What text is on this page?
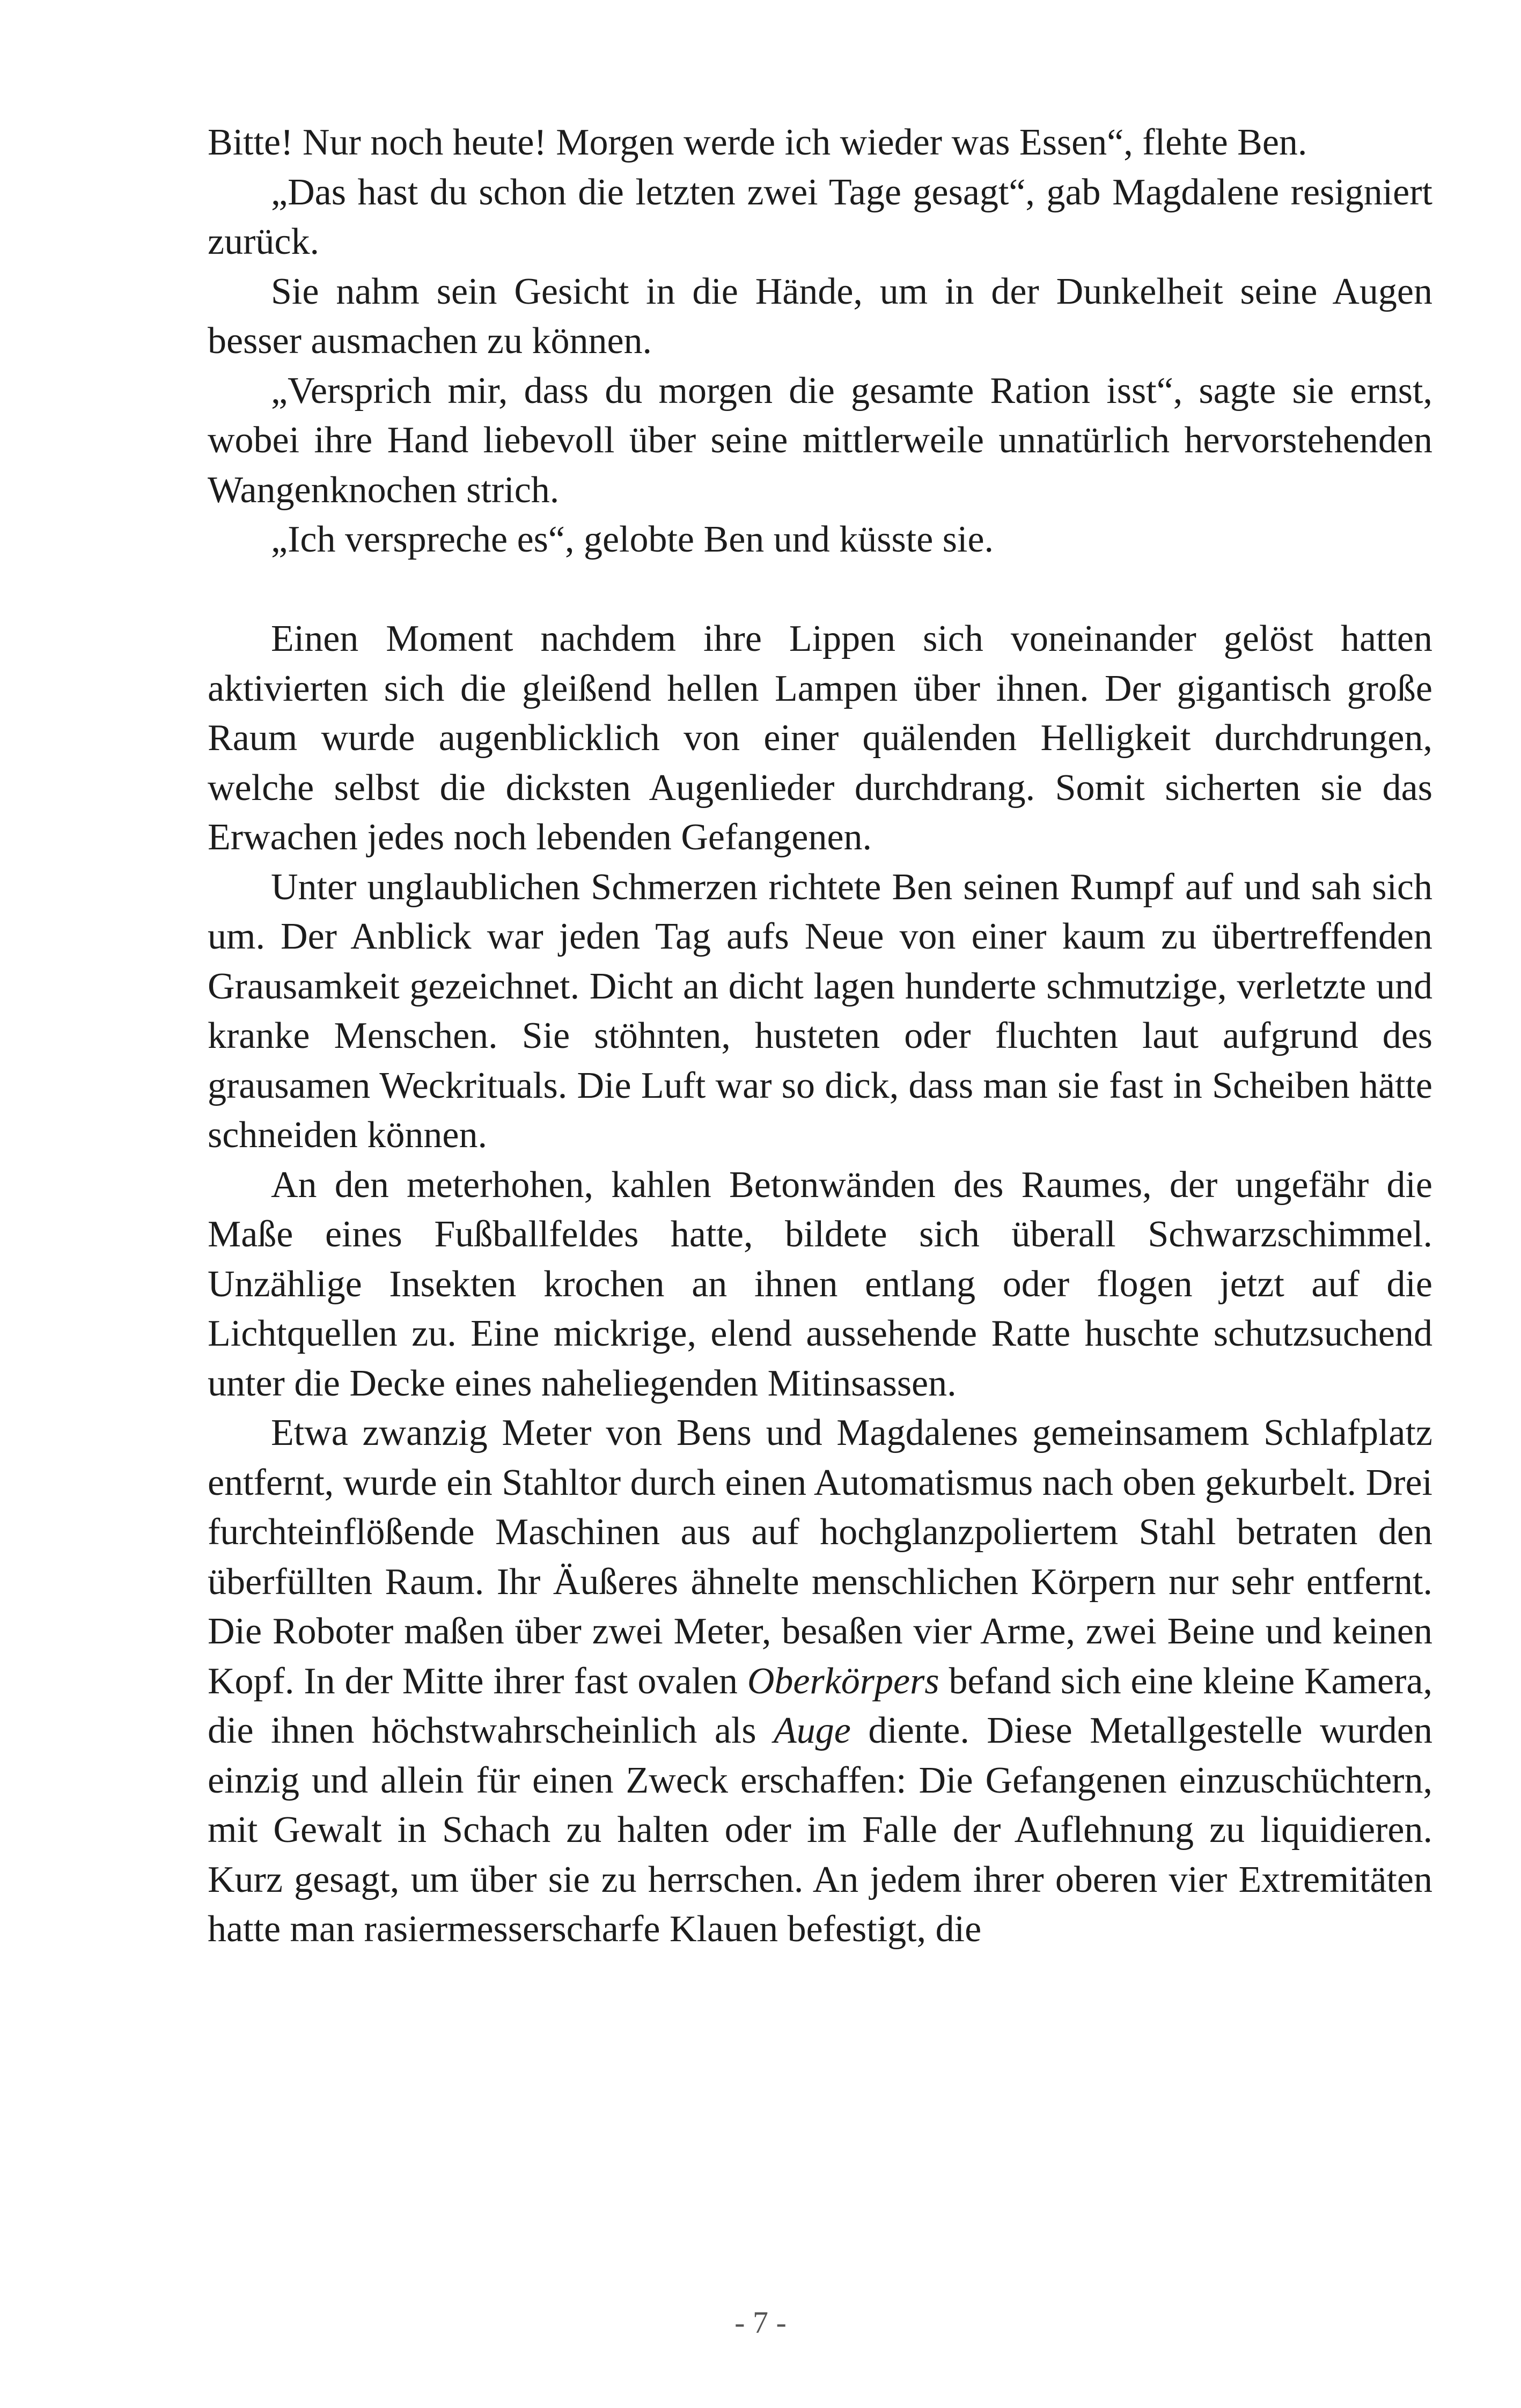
Bitte! Nur noch heute! Morgen werde ich wieder was Essen“, flehte Ben.

„Das hast du schon die letzten zwei Tage gesagt“, gab Magdalene resigniert zurück.

Sie nahm sein Gesicht in die Hände, um in der Dunkelheit seine Augen besser ausmachen zu können.

„Versprich mir, dass du morgen die gesamte Ration isst“, sagte sie ernst, wobei ihre Hand liebevoll über seine mittlerweile unnatürlich hervorstehenden Wangenknochen strich.

„Ich verspreche es“, gelobte Ben und küsste sie.

Einen Moment nachdem ihre Lippen sich voneinander gelöst hatten aktivierten sich die gleißend hellen Lampen über ihnen. Der gigantisch große Raum wurde augenblicklich von einer quälenden Helligkeit durchdrungen, welche selbst die dicksten Augenlieder durchdrang. Somit sicherten sie das Erwachen jedes noch lebenden Gefangenen.

Unter unglaublichen Schmerzen richtete Ben seinen Rumpf auf und sah sich um. Der Anblick war jeden Tag aufs Neue von einer kaum zu übertreffenden Grausamkeit gezeichnet. Dicht an dicht lagen hunderte schmutzige, verletzte und kranke Menschen. Sie stöhnten, husteten oder fluchten laut aufgrund des grausamen Weckrituals. Die Luft war so dick, dass man sie fast in Scheiben hätte schneiden können.

An den meterhohen, kahlen Betonwänden des Raumes, der ungefähr die Maße eines Fußballfeldes hatte, bildete sich überall Schwarzschimmel. Unzählige Insekten krochen an ihnen entlang oder flogen jetzt auf die Lichtquellen zu. Eine mickrige, elend aussehende Ratte huschte schutzsuchend unter die Decke eines naheliegenden Mitinsassen.

Etwa zwanzig Meter von Bens und Magdalenes gemeinsamem Schlafplatz entfernt, wurde ein Stahltor durch einen Automatismus nach oben gekurbelt. Drei furchteinflößende Maschinen aus auf hochglanzpoliertem Stahl betraten den überfüllten Raum. Ihr Äußeres ähnelte menschlichen Körpern nur sehr entfernt. Die Roboter maßen über zwei Meter, besaßen vier Arme, zwei Beine und keinen Kopf. In der Mitte ihrer fast ovalen Oberkörpers befand sich eine kleine Kamera, die ihnen höchstwahrscheinlich als Auge diente. Diese Metallgestelle wurden einzig und allein für einen Zweck erschaffen: Die Gefangenen einzuschüchtern, mit Gewalt in Schach zu halten oder im Falle der Auflehnung zu liquidieren. Kurz gesagt, um über sie zu herrschen. An jedem ihrer oberen vier Extremitäten hatte man rasiermesserscharfe Klauen befestigt, die

- 7 -
